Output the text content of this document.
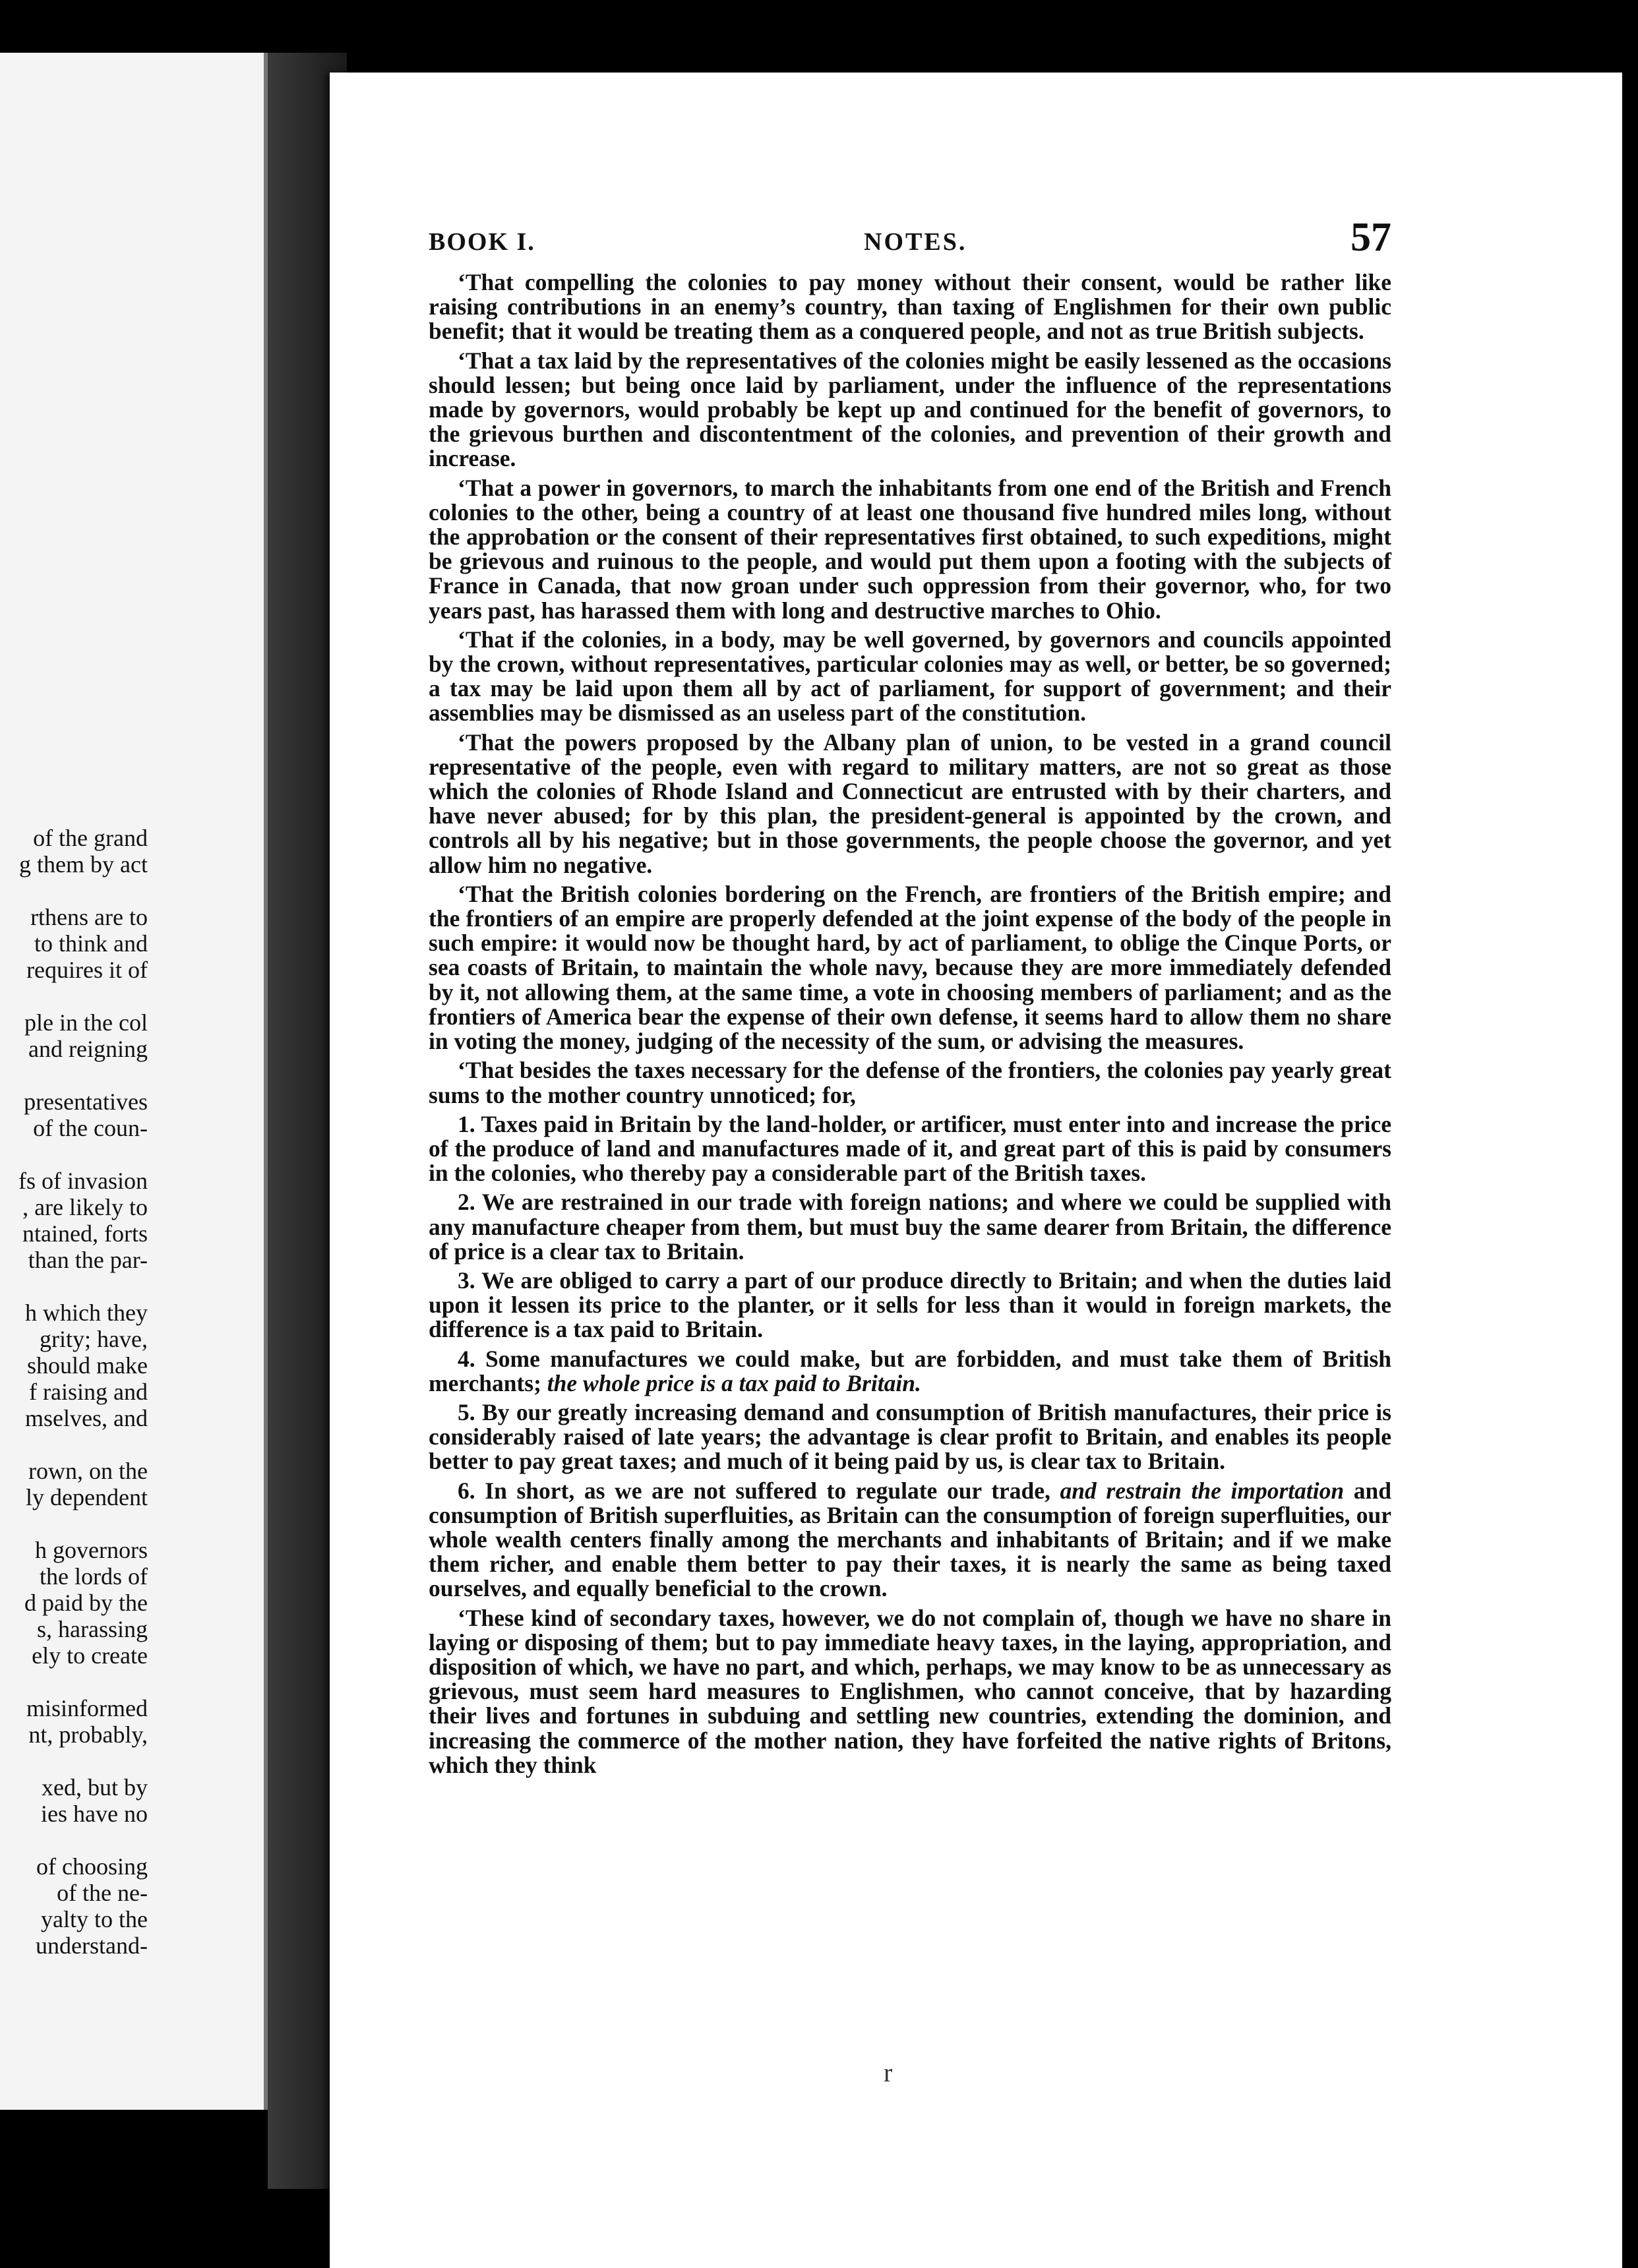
of the grand
g them by act
rthens are to
to think and
requires it of
ple in the col
and reigning
presentatives
of the coun-
fs of invasion
, are likely to
ntained, forts
than the par-
h which they
grity; have,
should make
f raising and
mselves, and
rown, on the
ly dependent
h governors
the lords of
d paid by the
s, harassing
ely to create
misinformed
nt, probably,
xed, but by
ies have no
of choosing
of the ne-
yalty to the
understand-
BOOK I.	NOTES.	57

‘That compelling the colonies to pay money without their consent, would be rather like raising contributions in an enemy’s country, than taxing of Englishmen for their own public benefit; that it would be treating them as a conquered people, and not as true British subjects.

‘That a tax laid by the representatives of the colonies might be easily lessened as the occasions should lessen; but being once laid by parliament, under the influence of the representations made by governors, would probably be kept up and continued for the benefit of governors, to the grievous burthen and discontentment of the colonies, and prevention of their growth and increase.

‘That a power in governors, to march the inhabitants from one end of the British and French colonies to the other, being a country of at least one thousand five hundred miles long, without the approbation or the consent of their representatives first obtained, to such expeditions, might be grievous and ruinous to the people, and would put them upon a footing with the subjects of France in Canada, that now groan under such oppression from their governor, who, for two years past, has harassed them with long and destructive marches to Ohio.

‘That if the colonies, in a body, may be well governed, by governors and councils appointed by the crown, without representatives, particular colonies may as well, or better, be so governed; a tax may be laid upon them all by act of parliament, for support of government; and their assemblies may be dismissed as an useless part of the constitution.

‘That the powers proposed by the Albany plan of union, to be vested in a grand council representative of the people, even with regard to military matters, are not so great as those which the colonies of Rhode Island and Connecticut are entrusted with by their charters, and have never abused; for by this plan, the president-general is appointed by the crown, and controls all by his negative; but in those governments, the people choose the governor, and yet allow him no negative.

‘That the British colonies bordering on the French, are frontiers of the British empire; and the frontiers of an empire are properly defended at the joint expense of the body of the people in such empire: it would now be thought hard, by act of parliament, to oblige the Cinque Ports, or sea coasts of Britain, to maintain the whole navy, because they are more immediately defended by it, not allowing them, at the same time, a vote in choosing members of parliament; and as the frontiers of America bear the expense of their own defense, it seems hard to allow them no share in voting the money, judging of the necessity of the sum, or advising the measures.

‘That besides the taxes necessary for the defense of the frontiers, the colonies pay yearly great sums to the mother country unnoticed; for,

1. Taxes paid in Britain by the land-holder, or artificer, must enter into and increase the price of the produce of land and manufactures made of it, and great part of this is paid by consumers in the colonies, who thereby pay a considerable part of the British taxes.

2. We are restrained in our trade with foreign nations; and where we could be supplied with any manufacture cheaper from them, but must buy the same dearer from Britain, the difference of price is a clear tax to Britain.

3. We are obliged to carry a part of our produce directly to Britain; and when the duties laid upon it lessen its price to the planter, or it sells for less than it would in foreign markets, the difference is a tax paid to Britain.

4. Some manufactures we could make, but are forbidden, and must take them of British merchants; the whole price is a tax paid to Britain.

5. By our greatly increasing demand and consumption of British manufactures, their price is considerably raised of late years; the advantage is clear profit to Britain, and enables its people better to pay great taxes; and much of it being paid by us, is clear tax to Britain.

6. In short, as we are not suffered to regulate our trade, and restrain the importation and consumption of British superfluities, as Britain can the consumption of foreign superfluities, our whole wealth centers finally among the merchants and inhabitants of Britain; and if we make them richer, and enable them better to pay their taxes, it is nearly the same as being taxed ourselves, and equally beneficial to the crown.

‘These kind of secondary taxes, however, we do not complain of, though we have no share in laying or disposing of them; but to pay immediate heavy taxes, in the laying, appropriation, and disposition of which, we have no part, and which, perhaps, we may know to be as unnecessary as grievous, must seem hard measures to Englishmen, who cannot conceive, that by hazarding their lives and fortunes in subduing and settling new countries, extending the dominion, and increasing the commerce of the mother nation, they have forfeited the native rights of Britons, which they think

r
